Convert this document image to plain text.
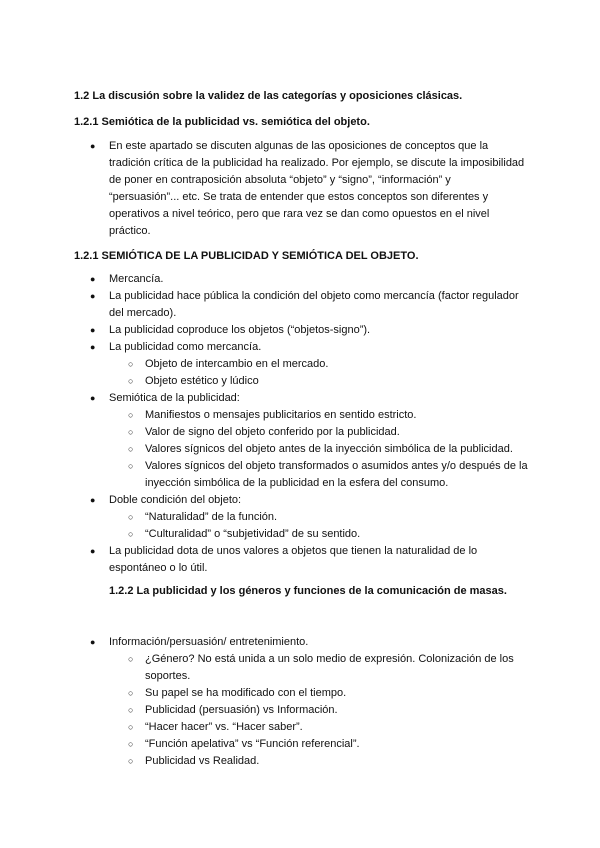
1.2 La discusión sobre la validez de las categorías y oposiciones clásicas.
1.2.1 Semiótica de la publicidad vs. semiótica del objeto.
● En este apartado se discuten algunas de las oposiciones de conceptos que la
tradición crítica de la publicidad ha realizado. Por ejemplo, se discute la imposibilidad
de poner en contraposición absoluta “objeto” y “signo”, “información” y
“persuasión”... etc. Se trata de entender que estos conceptos son diferentes y
operativos a nivel teórico, pero que rara vez se dan como opuestos en el nivel
práctico.
1.2.1 SEMIÓTICA DE LA PUBLICIDAD Y SEMIÓTICA DEL OBJETO.
● Mercancía.
● La publicidad hace pública la condición del objeto como mercancía (factor regulador
del mercado).
● La publicidad coproduce los objetos (“objetos-signo”).
● La publicidad como mercancía.
○ Objeto de intercambio en el mercado.
○ Objeto estético y lúdico
● Semiótica de la publicidad:
○ Manifiestos o mensajes publicitarios en sentido estricto.
○ Valor de signo del objeto conferido por la publicidad.
○ Valores sígnicos del objeto antes de la inyección simbólica de la publicidad.
○ Valores sígnicos del objeto transformados o asumidos antes y/o después de la
inyección simbólica de la publicidad en la esfera del consumo.
● Doble condición del objeto:
○ “Naturalidad” de la función.
○ “Culturalidad” o “subjetividad” de su sentido.
● La publicidad dota de unos valores a objetos que tienen la naturalidad de lo
espontáneo o lo útil.
1.2.2 La publicidad y los géneros y funciones de la comunicación de masas.
● Información/persuasión/ entretenimiento.
○ ¿Género? No está unida a un solo medio de expresión. Colonización de los
soportes.
○ Su papel se ha modificado con el tiempo.
○ Publicidad (persuasión) vs Información.
○ “Hacer hacer” vs. “Hacer saber”.
○ “Función apelativa” vs “Función referencial”.
○ Publicidad vs Realidad.
